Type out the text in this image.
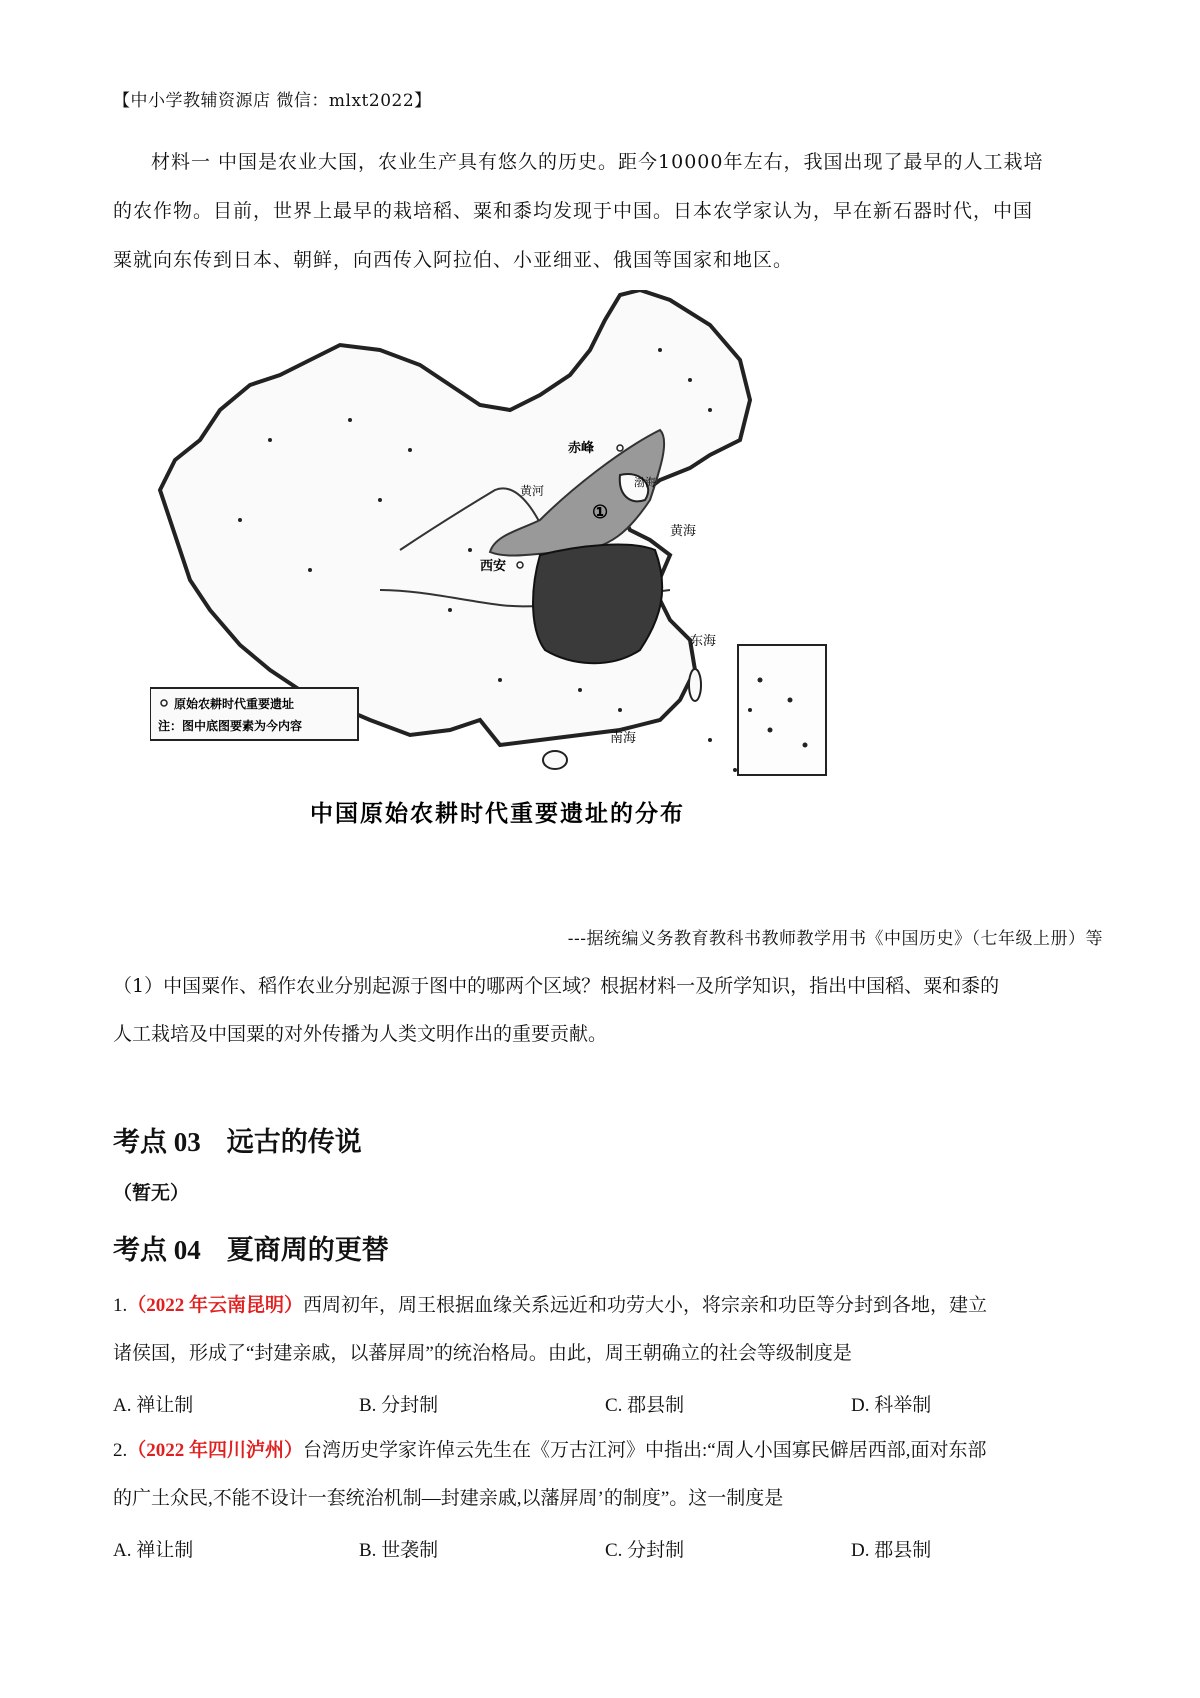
【中小学教辅资源店 微信：mlxt2022】
材料一 中国是农业大国，农业生产具有悠久的历史。距今10000年左右，我国出现了最早的人工栽培
的农作物。目前，世界上最早的栽培稻、粟和黍均发现于中国。日本农学家认为，早在新石器时代，中国
粟就向东传到日本、朝鲜，向西传入阿拉伯、小亚细亚、俄国等国家和地区。
赤峰
渤海
黄河
①
黄海
西安
东海
南海
原始农耕时代重要遗址
注：图中底图要素为今内容
中国原始农耕时代重要遗址的分布
---据统编义务教育教科书教师教学用书《中国历史》（七年级上册）等
（1）中国粟作、稻作农业分别起源于图中的哪两个区域？根据材料一及所学知识，指出中国稻、粟和黍的
人工栽培及中国粟的对外传播为人类文明作出的重要贡献。
考点 03 远古的传说
（暂无）
考点 04 夏商周的更替
1.（2022 年云南昆明）西周初年，周王根据血缘关系远近和功劳大小，将宗亲和功臣等分封到各地，建立
诸侯国，形成了“封建亲戚，以蕃屏周”的统治格局。由此，周王朝确立的社会等级制度是
A. 禅让制	B. 分封制	C. 郡县制	D. 科举制
2.（2022 年四川泸州）台湾历史学家许倬云先生在《万古江河》中指出:“周人小国寡民僻居西部,面对东部
的广土众民,不能不设计一套统治机制—封建亲戚,以藩屏周’的制度”。这一制度是
A. 禅让制	B. 世袭制	C. 分封制	D. 郡县制
